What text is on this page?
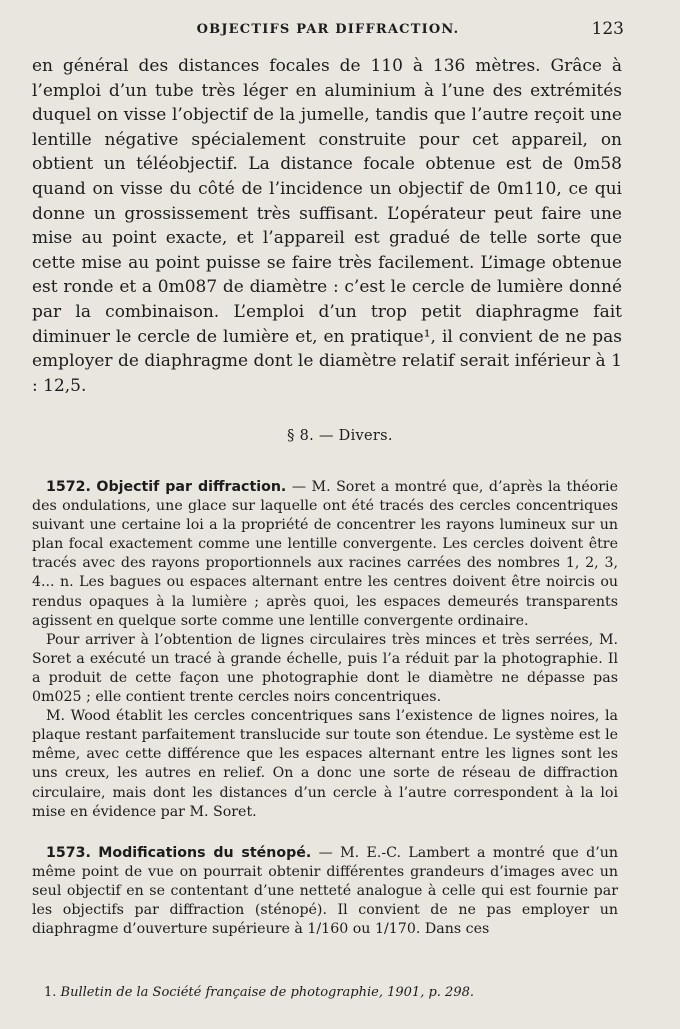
OBJECTIFS PAR DIFFRACTION.	123

en général des distances focales de 110 à 136 mètres. Grâce à l’emploi d’un tube très léger en aluminium à l’une des extrémités duquel on visse l’objectif de la jumelle, tandis que l’autre reçoit une lentille négative spécialement construite pour cet appareil, on obtient un téléobjectif. La distance focale obtenue est de 0m58 quand on visse du côté de l’incidence un objectif de 0m110, ce qui donne un grossissement très suffisant. L’opérateur peut faire une mise au point exacte, et l’appareil est gradué de telle sorte que cette mise au point puisse se faire très facilement. L’image obtenue est ronde et a 0m087 de diamètre : c’est le cercle de lumière donné par la combinaison. L’emploi d’un trop petit diaphragme fait diminuer le cercle de lumière et, en pratique¹, il convient de ne pas employer de diaphragme dont le diamètre relatif serait inférieur à 1 : 12,5.

§ 8. — Divers.

1572. Objectif par diffraction. — M. Soret a montré que, d’après la théorie des ondulations, une glace sur laquelle ont été tracés des cercles concentriques suivant une certaine loi a la propriété de concentrer les rayons lumineux sur un plan focal exactement comme une lentille convergente. Les cercles doivent être tracés avec des rayons proportionnels aux racines carrées des nombres 1, 2, 3, 4... n. Les bagues ou espaces alternant entre les centres doivent être noircis ou rendus opaques à la lumière ; après quoi, les espaces demeurés transparents agissent en quelque sorte comme une lentille convergente ordinaire.

Pour arriver à l’obtention de lignes circulaires très minces et très serrées, M. Soret a exécuté un tracé à grande échelle, puis l’a réduit par la photographie. Il a produit de cette façon une photographie dont le diamètre ne dépasse pas 0m025 ; elle contient trente cercles noirs concentriques.

M. Wood établit les cercles concentriques sans l’existence de lignes noires, la plaque restant parfaitement translucide sur toute son étendue. Le système est le même, avec cette différence que les espaces alternant entre les lignes sont les uns creux, les autres en relief. On a donc une sorte de réseau de diffraction circulaire, mais dont les distances d’un cercle à l’autre correspondent à la loi mise en évidence par M. Soret.

1573. Modifications du sténopé. — M. E.-C. Lambert a montré que d’un même point de vue on pourrait obtenir différentes grandeurs d’images avec un seul objectif en se contentant d’une netteté analogue à celle qui est fournie par les objectifs par diffraction (sténopé). Il convient de ne pas employer un diaphragme d’ouverture supérieure à 1/160 ou 1/170. Dans ces

1. Bulletin de la Société française de photographie, 1901, p. 298.
